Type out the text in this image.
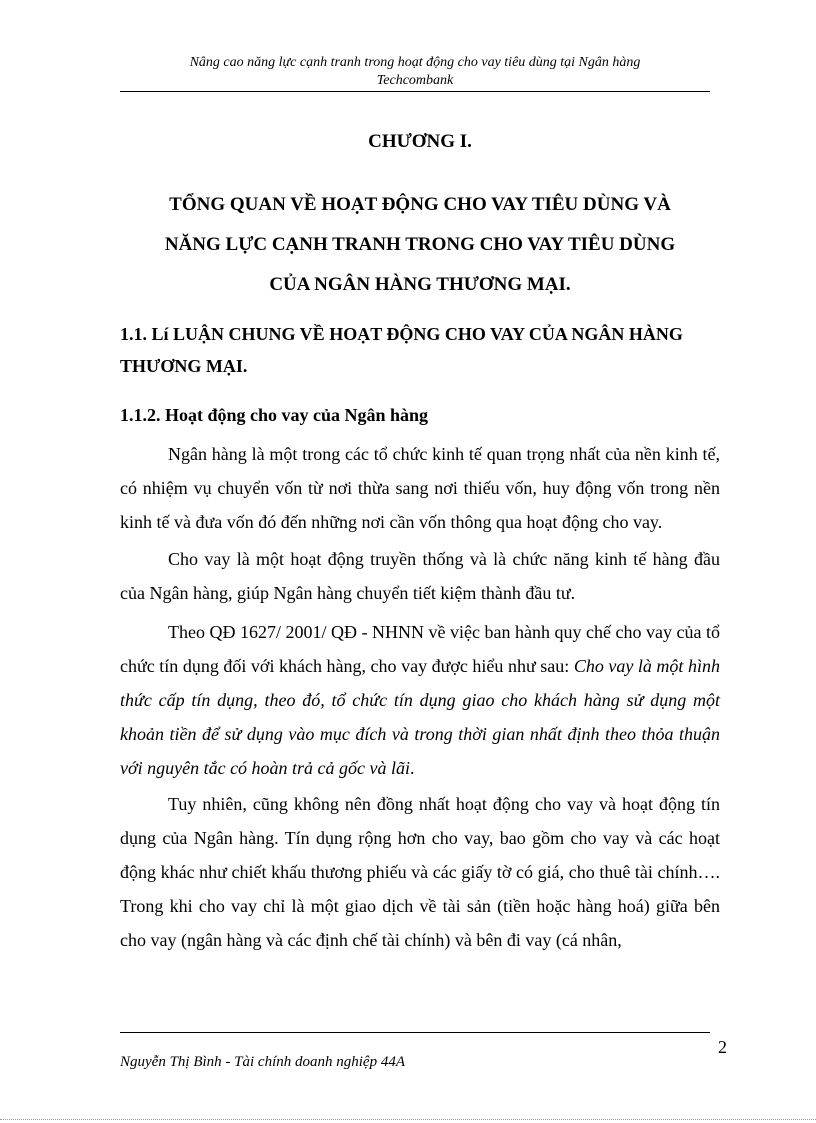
Nâng cao năng lực cạnh tranh trong hoạt động cho vay tiêu dùng tại Ngân hàng
Techcombank
CHƯƠNG I.
TỔNG QUAN VỀ HOẠT ĐỘNG CHO VAY TIÊU DÙNG VÀ
NĂNG LỰC CẠNH TRANH TRONG CHO VAY TIÊU DÙNG
CỦA NGÂN HÀNG THƯƠNG MẠI.
1.1. Lí LUẬN CHUNG VỀ HOẠT ĐỘNG CHO VAY CỦA NGÂN HÀNG THƯƠNG MẠI.
1.1.2. Hoạt động cho vay của Ngân hàng
Ngân hàng là một trong các tổ chức kinh tế quan trọng nhất của nền kinh tế, có nhiệm vụ chuyển vốn từ nơi thừa sang nơi thiếu vốn, huy động vốn trong nền kinh tế và đưa vốn đó đến những nơi cần vốn thông qua hoạt động cho vay.
Cho vay là một hoạt động truyền thống và là chức năng kinh tế hàng đầu của Ngân hàng, giúp Ngân hàng chuyển tiết kiệm thành đầu tư.
Theo QĐ 1627/ 2001/ QĐ - NHNN về việc ban hành quy chế cho vay của tổ chức tín dụng đối với khách hàng, cho vay được hiểu như sau: Cho vay là một hình thức cấp tín dụng, theo đó, tổ chức tín dụng giao cho khách hàng sử dụng một khoản tiền để sử dụng vào mục đích và trong thời gian nhất định theo thỏa thuận với nguyên tắc có hoàn trả cả gốc và lãi.
Tuy nhiên, cũng không nên đồng nhất hoạt động cho vay và hoạt động tín dụng của Ngân hàng. Tín dụng rộng hơn cho vay, bao gồm cho vay và các hoạt động khác như chiết khấu thương phiếu và các giấy tờ có giá, cho thuê tài chính…. Trong khi cho vay chỉ là một giao dịch về tài sản (tiền hoặc hàng hoá) giữa bên cho vay (ngân hàng và các định chế tài chính) và bên đi vay (cá nhân,
2
Nguyễn Thị Bình - Tài chính doanh nghiệp 44A
